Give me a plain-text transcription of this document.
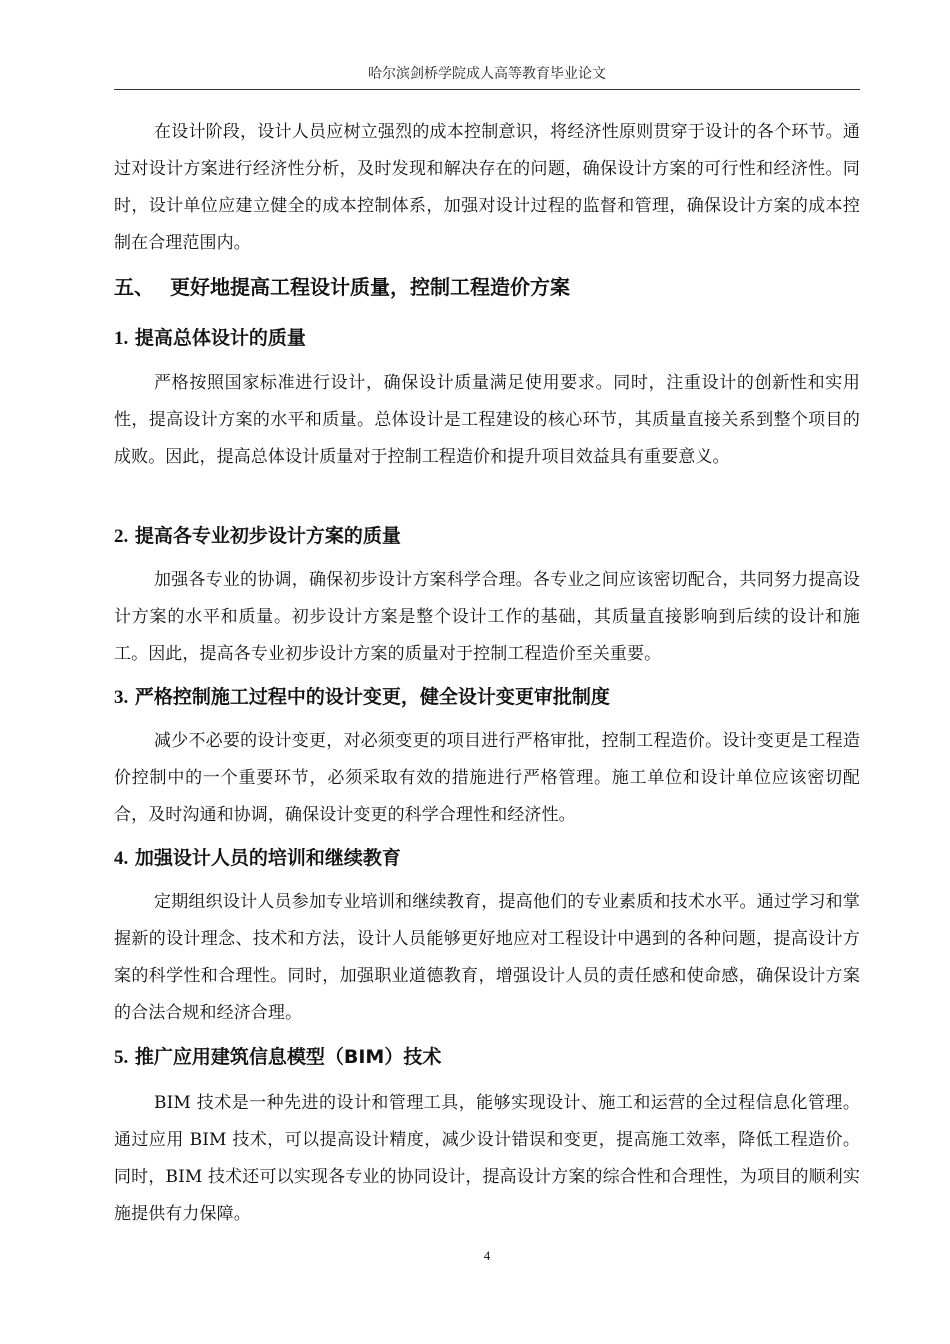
哈尔滨剑桥学院成人高等教育毕业论文

在设计阶段，设计人员应树立强烈的成本控制意识，将经济性原则贯穿于设计的各个环节。通过对设计方案进行经济性分析，及时发现和解决存在的问题，确保设计方案的可行性和经济性。同时，设计单位应建立健全的成本控制体系，加强对设计过程的监督和管理，确保设计方案的成本控制在合理范围内。

五、 更好地提高工程设计质量，控制工程造价方案
1. 提高总体设计的质量

严格按照国家标准进行设计，确保设计质量满足使用要求。同时，注重设计的创新性和实用性，提高设计方案的水平和质量。总体设计是工程建设的核心环节，其质量直接关系到整个项目的成败。因此，提高总体设计质量对于控制工程造价和提升项目效益具有重要意义。

2. 提高各专业初步设计方案的质量

加强各专业的协调，确保初步设计方案科学合理。各专业之间应该密切配合，共同努力提高设计方案的水平和质量。初步设计方案是整个设计工作的基础，其质量直接影响到后续的设计和施工。因此，提高各专业初步设计方案的质量对于控制工程造价至关重要。

3. 严格控制施工过程中的设计变更，健全设计变更审批制度

减少不必要的设计变更，对必须变更的项目进行严格审批，控制工程造价。设计变更是工程造价控制中的一个重要环节，必须采取有效的措施进行严格管理。施工单位和设计单位应该密切配合，及时沟通和协调，确保设计变更的科学合理性和经济性。

4. 加强设计人员的培训和继续教育

定期组织设计人员参加专业培训和继续教育，提高他们的专业素质和技术水平。通过学习和掌握新的设计理念、技术和方法，设计人员能够更好地应对工程设计中遇到的各种问题，提高设计方案的科学性和合理性。同时，加强职业道德教育，增强设计人员的责任感和使命感，确保设计方案的合法合规和经济合理。

5. 推广应用建筑信息模型（BIM）技术

BIM 技术是一种先进的设计和管理工具，能够实现设计、施工和运营的全过程信息化管理。通过应用 BIM 技术，可以提高设计精度，减少设计错误和变更，提高施工效率，降低工程造价。同时，BIM 技术还可以实现各专业的协同设计，提高设计方案的综合性和合理性，为项目的顺利实施提供有力保障。

4
